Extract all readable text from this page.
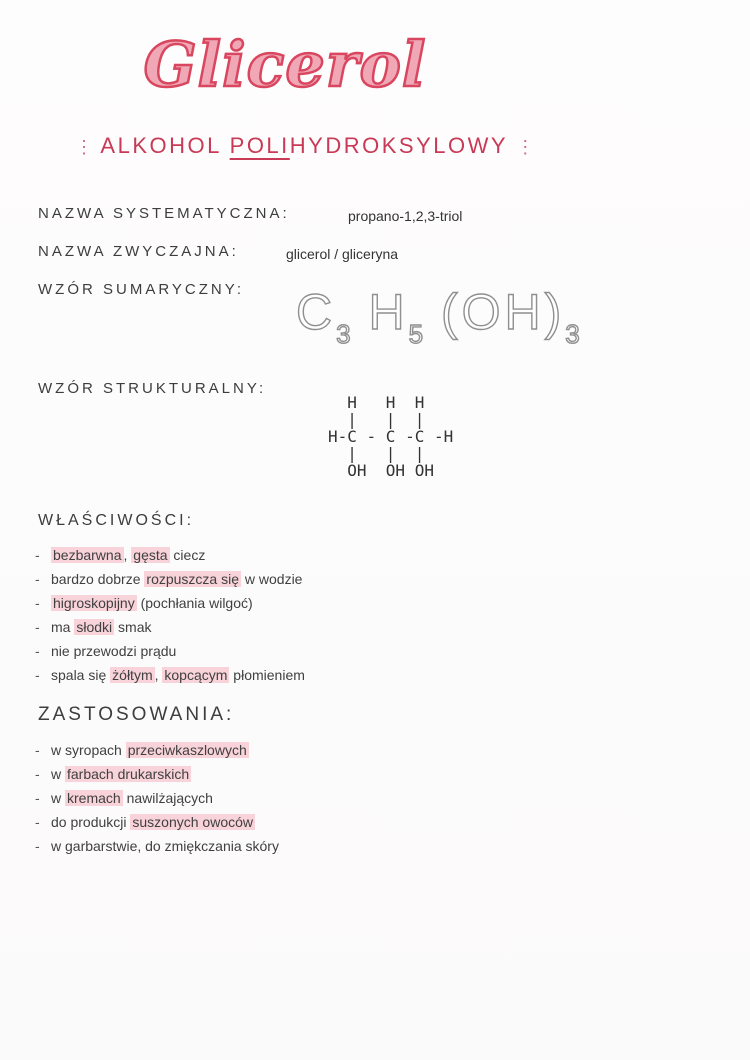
Glicerol
⋮ ALKOHOL POLIHYDROKSYLOWY ⋮
NAZWA SYSTEMATYCZNA:	propano-1,2,3-triol
NAZWA ZWYCZAJNA:	glicerol / gliceryna
WZÓR SUMARYCZNY: $C_3$ $H_5$ $(OH)_3$
WZÓR STRUKTURALNY:
H   H  H
|   |  |
H-C - C -C -H
|   |  |
OH  OH OH
WŁAŚCIWOŚCI:
- bezbarwna , gęsta ciecz
- bardzo dobrze rozpuszcza się w wodzie
- higroskopijny (pochłania wilgoć)
- ma słodki smak
- nie przewodzi prądu
- spala się żółtym , kopcącym płomieniem
ZASTOSOWANIA:
- w syropach przeciwkaszlowych
- w farbach drukarskich
- w kremach nawilżających
- do produkcji suszonych owoców
- w garbarstwie, do zmiękczania skóry
